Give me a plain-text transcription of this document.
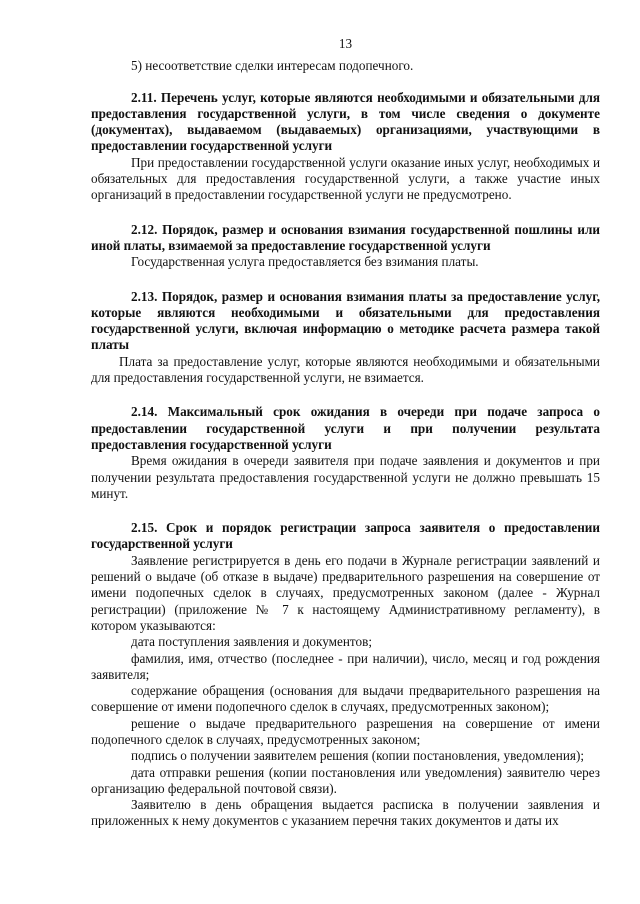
13

5) несоответствие сделки интересам подопечного.

2.11. Перечень услуг, которые являются необходимыми и обязательными для предоставления государственной услуги, в том числе сведения о документе (документах), выдаваемом (выдаваемых) организациями, участвующими в предоставлении государственной услуги

При предоставлении государственной услуги оказание иных услуг, необходимых и обязательных для предоставления государственной услуги, а также участие иных организаций в предоставлении государственной услуги не предусмотрено.

2.12. Порядок, размер и основания взимания государственной пошлины или иной платы, взимаемой за предоставление государственной услуги

Государственная услуга предоставляется без взимания платы.

2.13. Порядок, размер и основания взимания платы за предоставление услуг, которые являются необходимыми и обязательными для предоставления государственной услуги, включая информацию о методике расчета размера такой платы

Плата за предоставление услуг, которые являются необходимыми и обязательными для предоставления государственной услуги, не взимается.

2.14. Максимальный срок ожидания в очереди при подаче запроса о предоставлении государственной услуги и при получении результата предоставления государственной услуги

Время ожидания в очереди заявителя при подаче заявления и документов и при получении результата предоставления государственной услуги не должно превышать 15 минут.

2.15. Срок и порядок регистрации запроса заявителя о предоставлении государственной услуги

Заявление регистрируется в день его подачи в Журнале регистрации заявлений и решений о выдаче (об отказе в выдаче) предварительного разрешения на совершение от имени подопечных сделок в случаях, предусмотренных законом (далее - Журнал регистрации) (приложение № 7 к настоящему Административному регламенту), в котором указываются:

дата поступления заявления и документов;

фамилия, имя, отчество (последнее - при наличии), число, месяц и год рождения заявителя;

содержание обращения (основания для выдачи предварительного разрешения на совершение от имени подопечного сделок в случаях, предусмотренных законом);

решение о выдаче предварительного разрешения на совершение от имени подопечного сделок в случаях, предусмотренных законом;

подпись о получении заявителем решения (копии постановления, уведомления);

дата отправки решения (копии постановления или уведомления) заявителю через организацию федеральной почтовой связи).

Заявителю в день обращения выдается расписка в получении заявления и приложенных к нему документов с указанием перечня таких документов и даты их
